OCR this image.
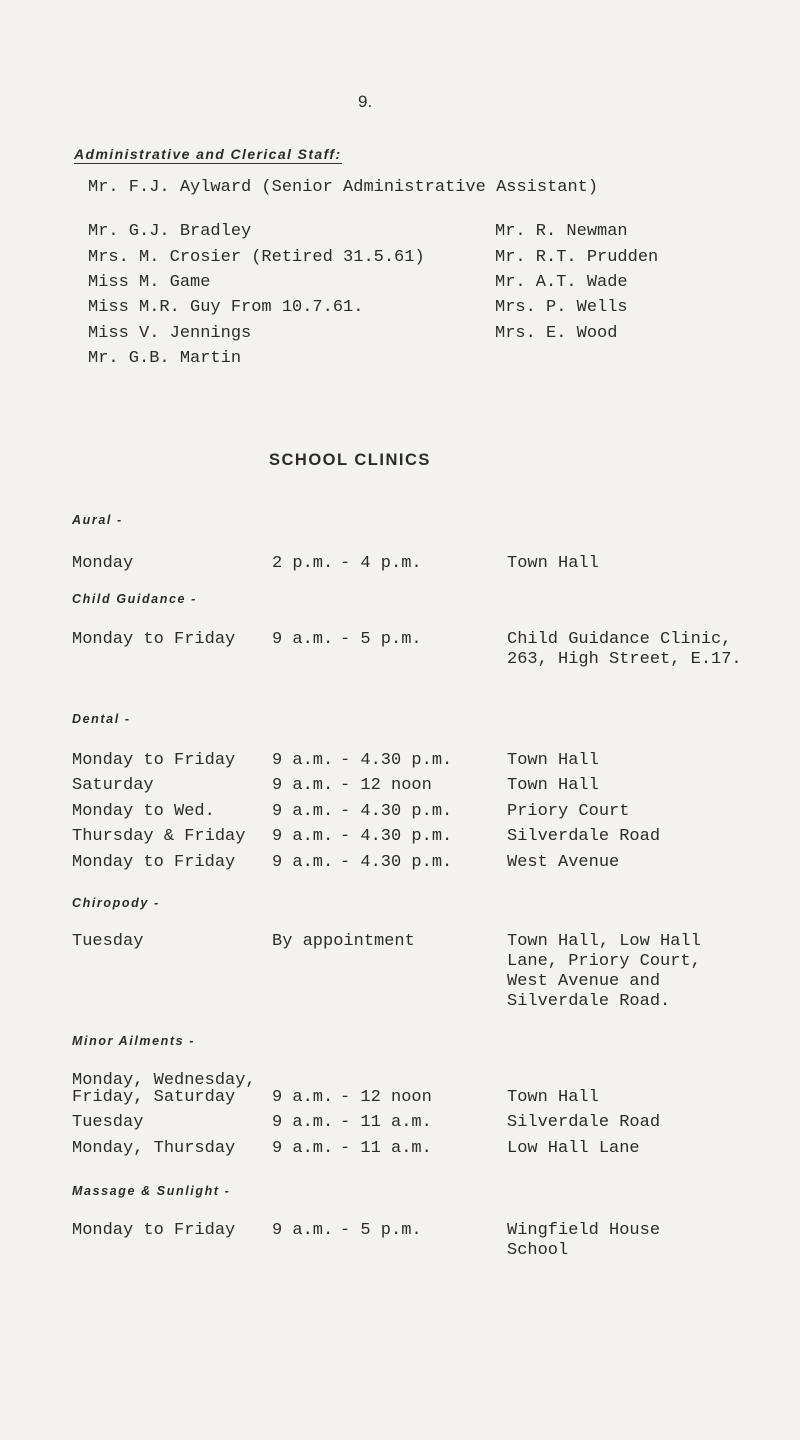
9.
Administrative and Clerical Staff:
Mr. F.J. Aylward (Senior Administrative Assistant)
Mr. G.J. Bradley
Mrs. M. Crosier (Retired 31.5.61)
Miss M. Game
Miss M.R. Guy From 10.7.61.
Miss V. Jennings
Mr. G.B. Martin
Mr. R. Newman
Mr. R.T. Prudden
Mr. A.T. Wade
Mrs. P. Wells
Mrs. E. Wood
SCHOOL CLINICS
Aural -
Monday	2 p.m. - 4 p.m.	Town Hall
Child Guidance -
Monday to Friday 9 a.m. - 5 p.m.	Child Guidance Clinic, 263, High Street, E.17.
Dental -
Monday to Friday 9 a.m. - 4.30 p.m.	Town Hall
Saturday	9 a.m. - 12 noon	Town Hall
Monday to Wed.	9 a.m. - 4.30 p.m.	Priory Court
Thursday & Friday 9 a.m. - 4.30 p.m.	Silverdale Road
Monday to Friday 9 a.m. - 4.30 p.m.	West Avenue
Chiropody -
Tuesday	By appointment	Town Hall, Low Hall Lane, Priory Court, West Avenue and Silverdale Road.
Minor Ailments -
Monday, Wednesday,
Friday, Saturday 9 a.m. - 12 noon	Town Hall
Tuesday	9 a.m. - 11 a.m.	Silverdale Road
Monday, Thursday 9 a.m. - 11 a.m.	Low Hall Lane
Massage & Sunlight -
Monday to Friday 9 a.m. - 5 p.m.	Wingfield House School
